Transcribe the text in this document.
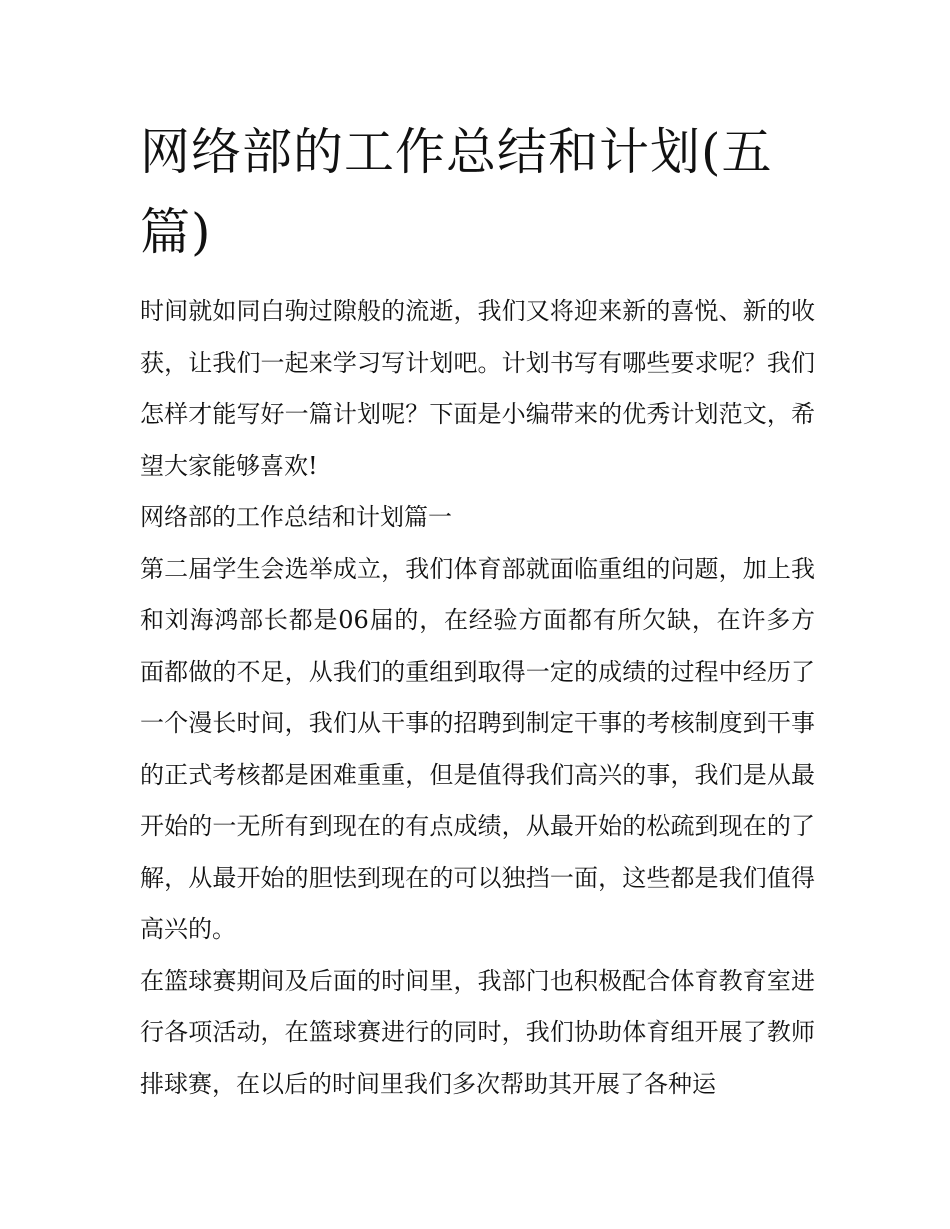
网络部的工作总结和计划(五篇)

时间就如同白驹过隙般的流逝，我们又将迎来新的喜悦、新的收获，让我们一起来学习写计划吧。计划书写有哪些要求呢？我们怎样才能写好一篇计划呢？下面是小编带来的优秀计划范文，希望大家能够喜欢!

网络部的工作总结和计划篇一

第二届学生会选举成立，我们体育部就面临重组的问题，加上我和刘海鸿部长都是06届的，在经验方面都有所欠缺，在许多方面都做的不足，从我们的重组到取得一定的成绩的过程中经历了一个漫长时间，我们从干事的招聘到制定干事的考核制度到干事的正式考核都是困难重重，但是值得我们高兴的事，我们是从最开始的一无所有到现在的有点成绩，从最开始的松疏到现在的了解，从最开始的胆怯到现在的可以独挡一面，这些都是我们值得高兴的。

在篮球赛期间及后面的时间里，我部门也积极配合体育教育室进行各项活动，在篮球赛进行的同时，我们协助体育组开展了教师排球赛，在以后的时间里我们多次帮助其开展了各种运
